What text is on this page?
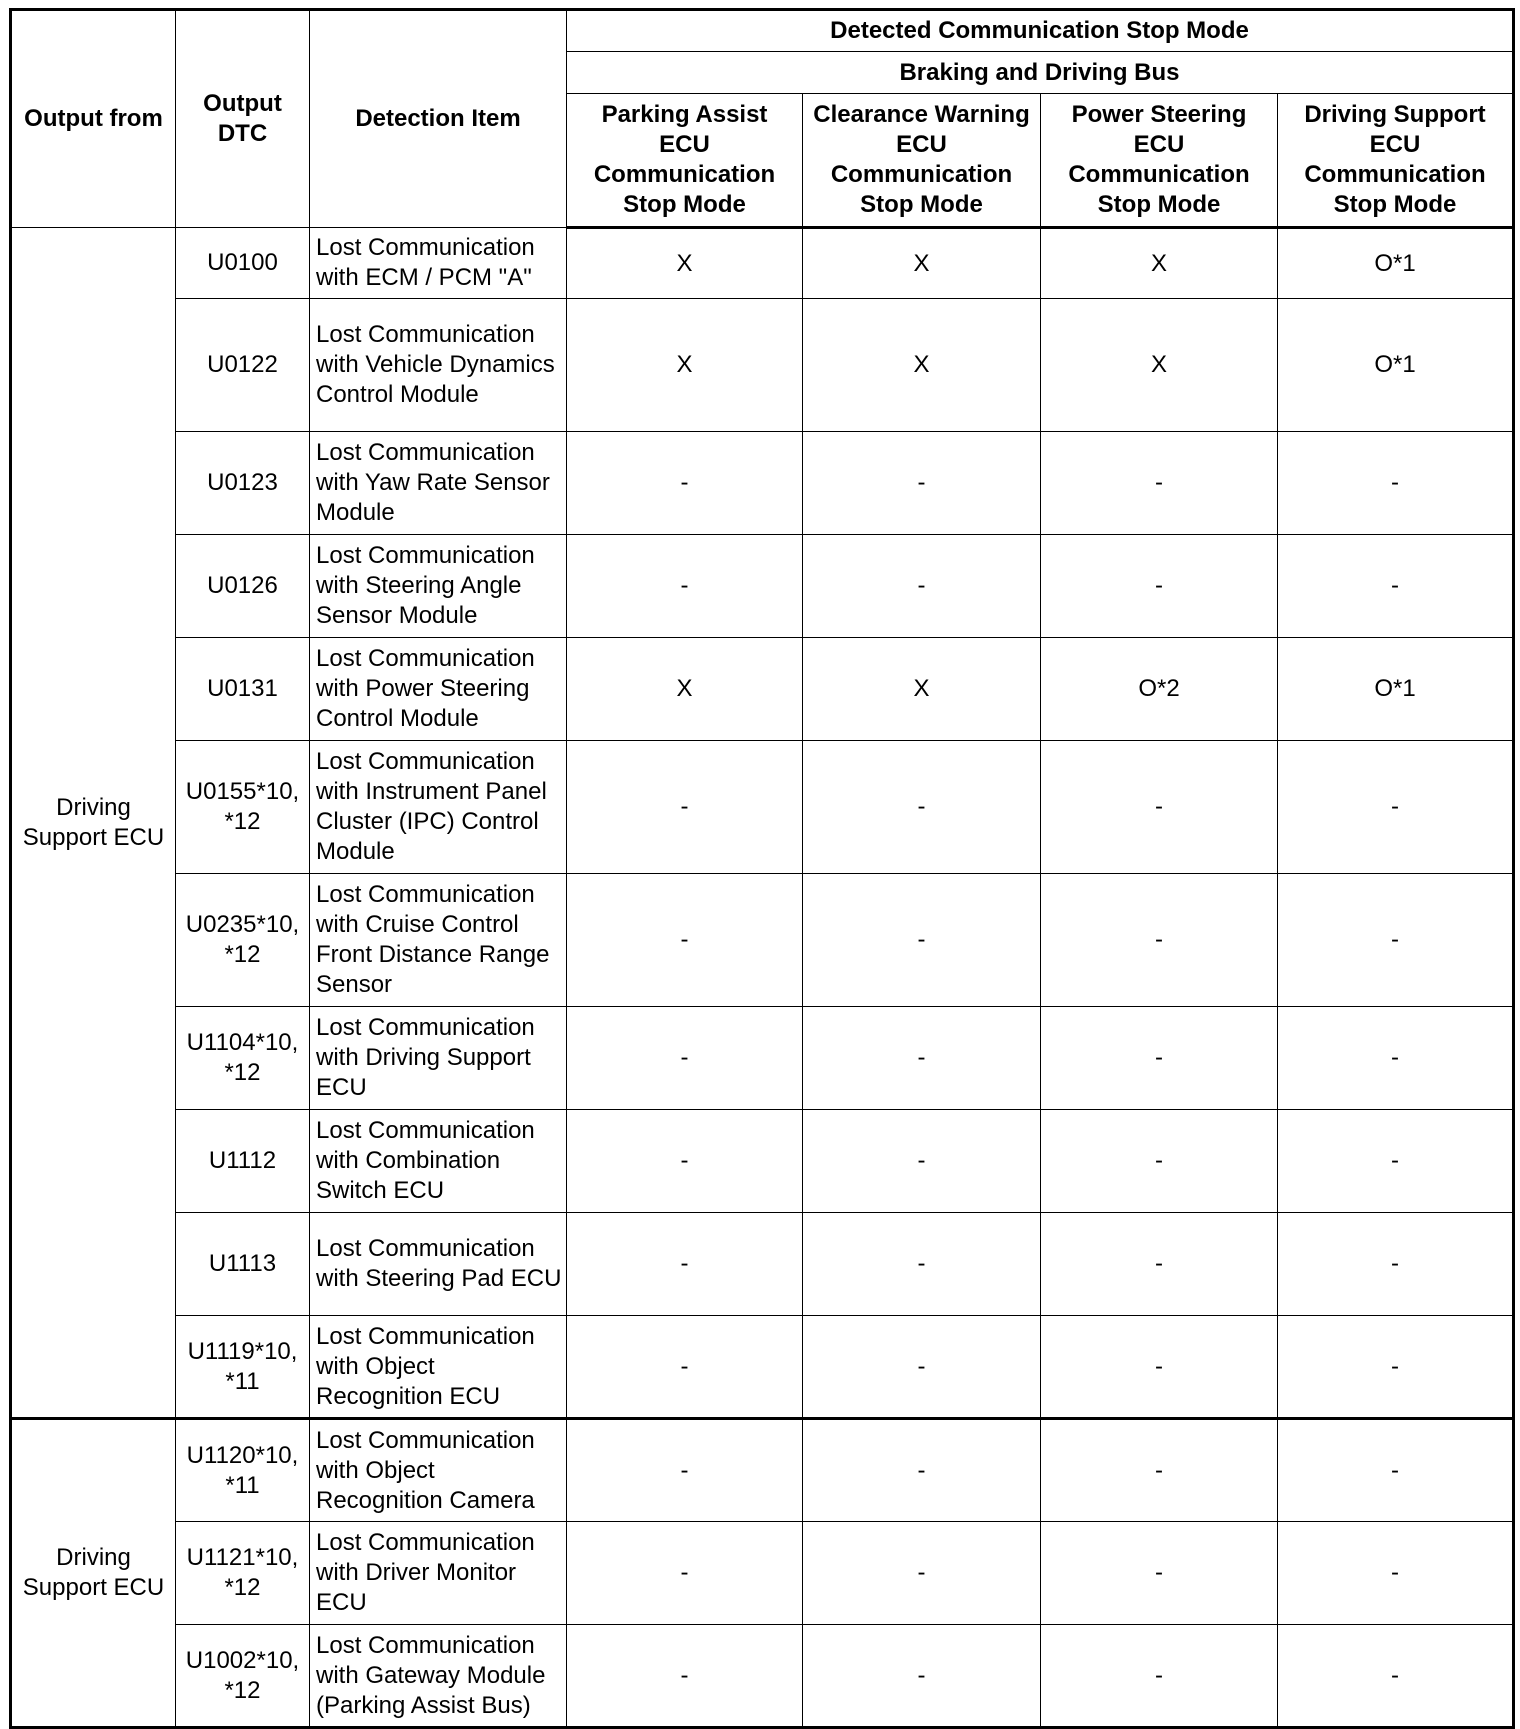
Output from	Output DTC	Detection Item	Detected Communication Stop Mode			
			Braking and Driving Bus			
			Parking Assist ECU Communication Stop Mode	Clearance Warning ECU Communication Stop Mode	Power Steering ECU Communication Stop Mode	Driving Support ECU Communication Stop Mode
Driving Support ECU	U0100	Lost Communication with ECM / PCM "A"	X	X	X	O*1
	U0122	Lost Communication with Vehicle Dynamics Control Module	X	X	X	O*1
	U0123	Lost Communication with Yaw Rate Sensor Module	-	-	-	-
	U0126	Lost Communication with Steering Angle Sensor Module	-	-	-	-
	U0131	Lost Communication with Power Steering Control Module	X	X	O*2	O*1
	U0155*10, *12	Lost Communication with Instrument Panel Cluster (IPC) Control Module	-	-	-	-
	U0235*10, *12	Lost Communication with Cruise Control Front Distance Range Sensor	-	-	-	-
	U1104*10, *12	Lost Communication with Driving Support ECU	-	-	-	-
	U1112	Lost Communication with Combination Switch ECU	-	-	-	-
	U1113	Lost Communication with Steering Pad ECU	-	-	-	-
	U1119*10, *11	Lost Communication with Object Recognition ECU	-	-	-	-
Driving Support ECU	U1120*10, *11	Lost Communication with Object Recognition Camera	-	-	-	-
	U1121*10, *12	Lost Communication with Driver Monitor ECU	-	-	-	-
	U1002*10, *12	Lost Communication with Gateway Module (Parking Assist Bus)	-	-	-	-
